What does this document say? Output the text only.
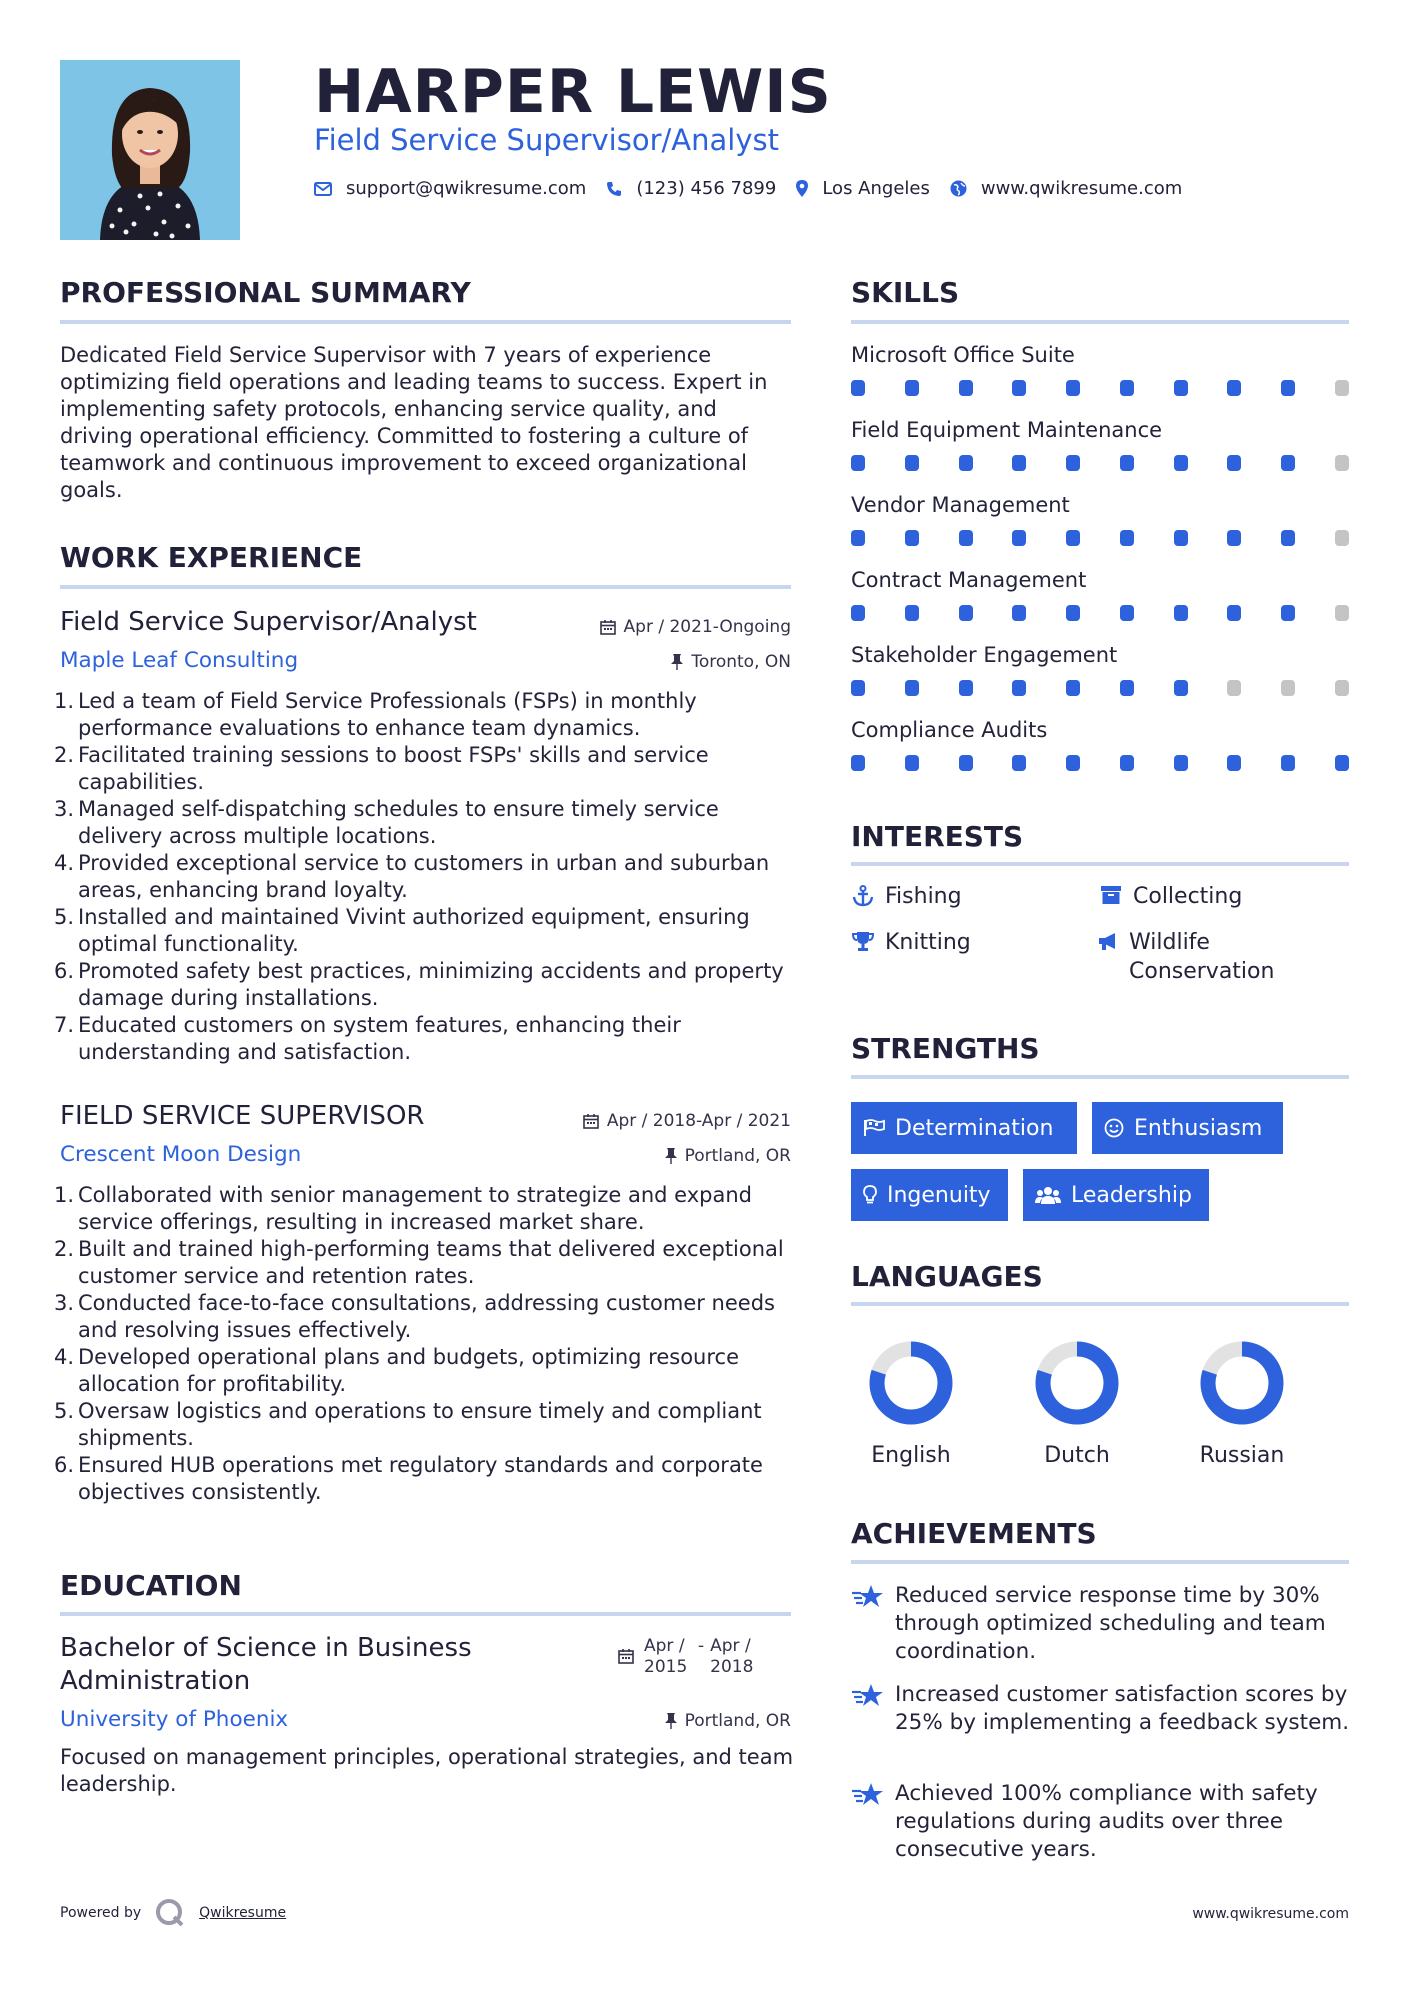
HARPER LEWIS
Field Service Supervisor/Analyst
support@qwikresume.com	(123) 456 7899	Los Angeles	www.qwikresume.com
PROFESSIONAL SUMMARY
Dedicated Field Service Supervisor with 7 years of experience optimizing field operations and leading teams to success. Expert in implementing safety protocols, enhancing service quality, and driving operational efficiency. Committed to fostering a culture of teamwork and continuous improvement to exceed organizational goals.
WORK EXPERIENCE
Field Service Supervisor/Analyst	Apr / 2021-Ongoing
Maple Leaf Consulting	Toronto, ON
1. Led a team of Field Service Professionals (FSPs) in monthly performance evaluations to enhance team dynamics.
2. Facilitated training sessions to boost FSPs' skills and service capabilities.
3. Managed self-dispatching schedules to ensure timely service delivery across multiple locations.
4. Provided exceptional service to customers in urban and suburban areas, enhancing brand loyalty.
5. Installed and maintained Vivint authorized equipment, ensuring optimal functionality.
6. Promoted safety best practices, minimizing accidents and property damage during installations.
7. Educated customers on system features, enhancing their understanding and satisfaction.
FIELD SERVICE SUPERVISOR	Apr / 2018-Apr / 2021
Crescent Moon Design	Portland, OR
1. Collaborated with senior management to strategize and expand service offerings, resulting in increased market share.
2. Built and trained high-performing teams that delivered exceptional customer service and retention rates.
3. Conducted face-to-face consultations, addressing customer needs and resolving issues effectively.
4. Developed operational plans and budgets, optimizing resource allocation for profitability.
5. Oversaw logistics and operations to ensure timely and compliant shipments.
6. Ensured HUB operations met regulatory standards and corporate objectives consistently.
EDUCATION
Bachelor of Science in Business Administration
Apr / 2015
- Apr / 2018
University of Phoenix	Portland, OR
Focused on management principles, operational strategies, and team leadership.
SKILLS
Microsoft Office Suite
Field Equipment Maintenance
Vendor Management
Contract Management
Stakeholder Engagement
Compliance Audits
INTERESTS
Fishing	Collecting
Knitting	Wildlife Conservation
STRENGTHS
Determination	Enthusiasm
Ingenuity	Leadership
LANGUAGES
English	Dutch	Russian
ACHIEVEMENTS
Reduced service response time by 30% through optimized scheduling and team coordination.
Increased customer satisfaction scores by 25% by implementing a feedback system.
Achieved 100% compliance with safety regulations during audits over three consecutive years.
Powered by	Qwikresume	www.qwikresume.com
